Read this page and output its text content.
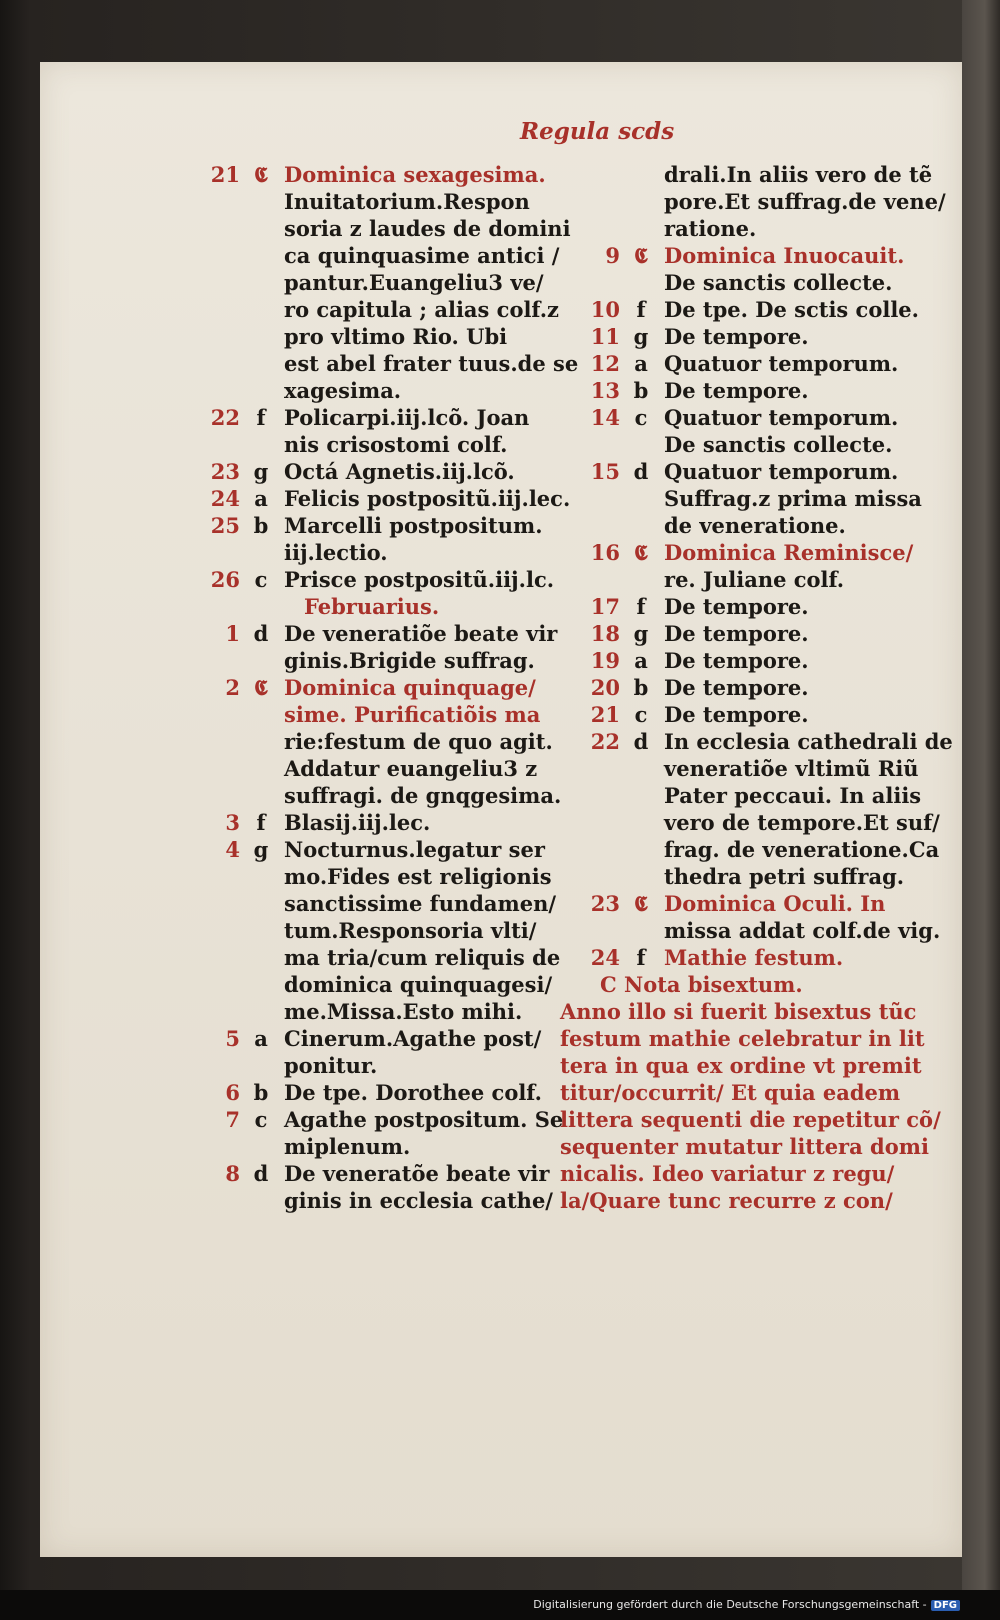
Regula scds
21 𝕮 Dominica sexagesima.
Inuitatorium.Respon
soria z laudes de domini
ca quinquasime antici /
pantur.Euangeliu3 ve/
ro capitula ; alias colf.z
pro vltimo Rio. Ubi
est abel frater tuus.de se
xagesima.
22 f Policarpi.iij.lcõ. Joan
nis crisostomi colf.
23 g Octá Agnetis.iij.lcõ.
24 a Felicis postpositũ.iij.lec.
25 b Marcelli postpositum.
iij.lectio.
26 c Prisce postpositũ.iij.lc.
Februarius.
1 d De veneratiõe beate vir
ginis.Brigide suffrag.
2 𝕮 Dominica quinquage/
sime. Purificatiõis ma
rie:festum de quo agit.
Addatur euangeliu3 z
suffragi. de gnqgesima.
3 f Blasij.iij.lec.
4 g Nocturnus.legatur ser
mo.Fides est religionis
sanctissime fundamen/
tum.Responsoria vlti/
ma tria/cum reliquis de
dominica quinquagesi/
me.Missa.Esto mihi.
5 a Cinerum.Agathe post/
ponitur.
6 b De tpe. Dorothee colf.
7 c Agathe postpositum. Se
miplenum.
8 d De veneratõe beate vir
ginis in ecclesia cathe/
drali.In aliis vero de tẽ
pore.Et suffrag.de vene/
ratione.
9 𝕮 Dominica Inuocauit.
De sanctis collecte.
10 f De tpe. De sctis colle.
11 g De tempore.
12 a Quatuor temporum.
13 b De tempore.
14 c Quatuor temporum.
De sanctis collecte.
15 d Quatuor temporum.
Suffrag.z prima missa
de veneratione.
16 𝕮 Dominica Reminisce/
re. Juliane colf.
17 f De tempore.
18 g De tempore.
19 a De tempore.
20 b De tempore.
21 c De tempore.
22 d In ecclesia cathedrali de
veneratiõe vltimũ Riũ
Pater peccaui. In aliis
vero de tempore.Et suf/
frag. de veneratione.Ca
thedra petri suffrag.
23 𝕮 Dominica Oculi. In
missa addat colf.de vig.
24 f Mathie festum.
C Nota bisextum.
Anno illo si fuerit bisextus tũc
festum mathie celebratur in lit
tera in qua ex ordine vt premit
titur/occurrit/ Et quia eadem
littera sequenti die repetitur cõ/
sequenter mutatur littera domi
nicalis. Ideo variatur z regu/
la/Quare tunc recurre z con/
Digitalisierung gefördert durch die Deutsche Forschungsgemeinschaft - DFG
